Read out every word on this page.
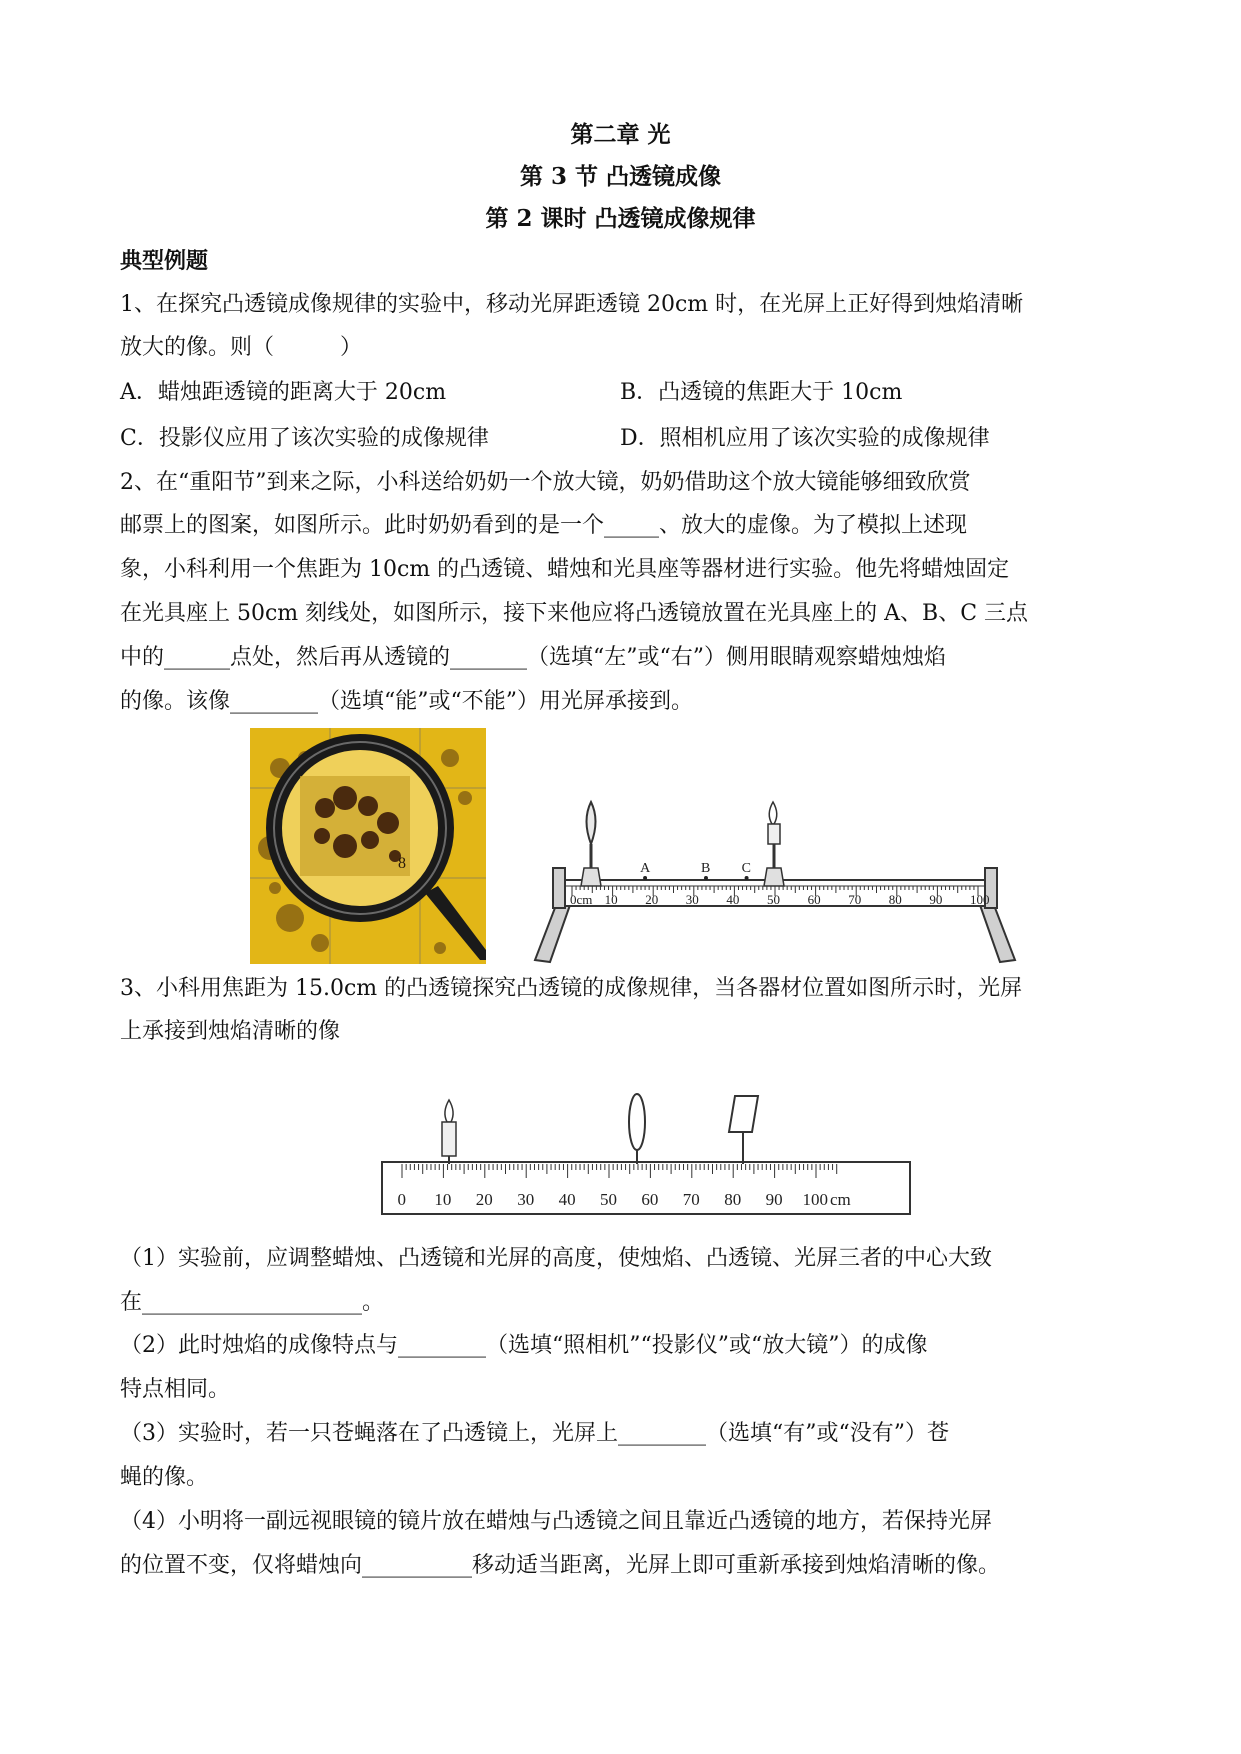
第二章 光
第 3 节 凸透镜成像
第 2 课时 凸透镜成像规律
典型例题
1、在探究凸透镜成像规律的实验中，移动光屏距透镜 20cm 时，在光屏上正好得到烛焰清晰
放大的像。则（　　　）
A．蜡烛距透镜的距离大于 20cm	B．凸透镜的焦距大于 10cm
C．投影仪应用了该次实验的成像规律	D．照相机应用了该次实验的成像规律
2、在“重阳节”到来之际，小科送给奶奶一个放大镜，奶奶借助这个放大镜能够细致欣赏
邮票上的图案，如图所示。此时奶奶看到的是一个_____、放大的虚像。为了模拟上述现
象，小科利用一个焦距为 10cm 的凸透镜、蜡烛和光具座等器材进行实验。他先将蜡烛固定
在光具座上 50cm 刻线处，如图所示，接下来他应将凸透镜放置在光具座上的 A、B、C 三点
中的______点处，然后再从透镜的_______（选填“左”或“右”）侧用眼睛观察蜡烛烛焰
的像。该像________（选填“能”或“不能”）用光屏承接到。
8
0cm 10 20 30 40 50 60 70 80 90 100
A	B C
3、小科用焦距为 15.0cm 的凸透镜探究凸透镜的成像规律，当各器材位置如图所示时，光屏
上承接到烛焰清晰的像
0 10 20 30 40 50 60 70 80 90 100 cm
（1）实验前，应调整蜡烛、凸透镜和光屏的高度，使烛焰、凸透镜、光屏三者的中心大致
在____________________。
（2）此时烛焰的成像特点与________（选填“照相机”“投影仪”或“放大镜”）的成像
特点相同。
（3）实验时，若一只苍蝇落在了凸透镜上，光屏上________（选填“有”或“没有”）苍
蝇的像。
（4）小明将一副远视眼镜的镜片放在蜡烛与凸透镜之间且靠近凸透镜的地方，若保持光屏
的位置不变，仅将蜡烛向__________移动适当距离，光屏上即可重新承接到烛焰清晰的像。
